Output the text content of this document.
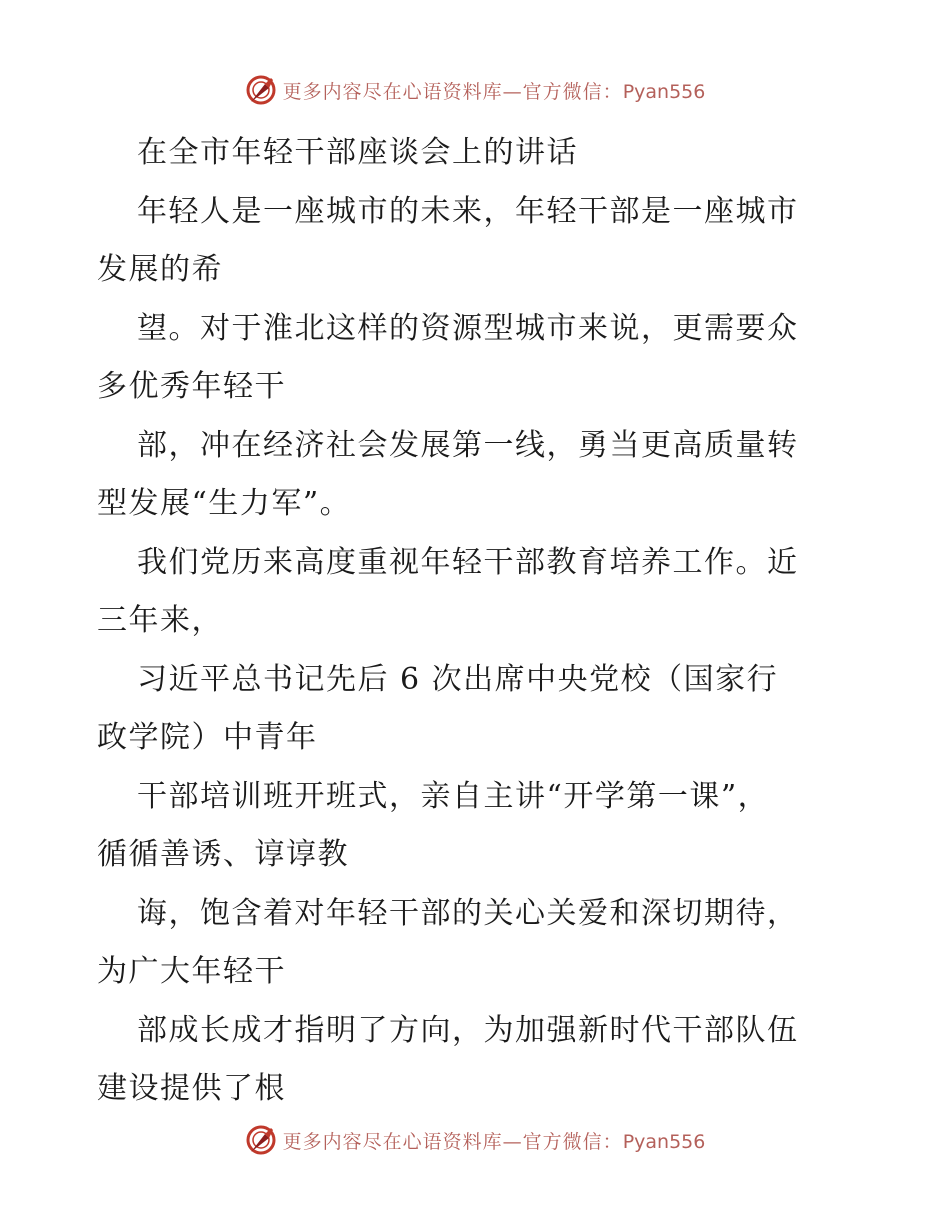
更多内容尽在心语资料库—官方微信：Pyan556
在全市年轻干部座谈会上的讲话
年轻人是一座城市的未来，年轻干部是一座城市
发展的希
望。对于淮北这样的资源型城市来说，更需要众
多优秀年轻干
部，冲在经济社会发展第一线，勇当更高质量转
型发展“生力军”。
我们党历来高度重视年轻干部教育培养工作。近
三年来，
习近平总书记先后 6 次出席中央党校（国家行
政学院）中青年
干部培训班开班式，亲自主讲“开学第一课”，
循循善诱、谆谆教
诲，饱含着对年轻干部的关心关爱和深切期待，
为广大年轻干
部成长成才指明了方向，为加强新时代干部队伍
建设提供了根
更多内容尽在心语资料库—官方微信：Pyan556
